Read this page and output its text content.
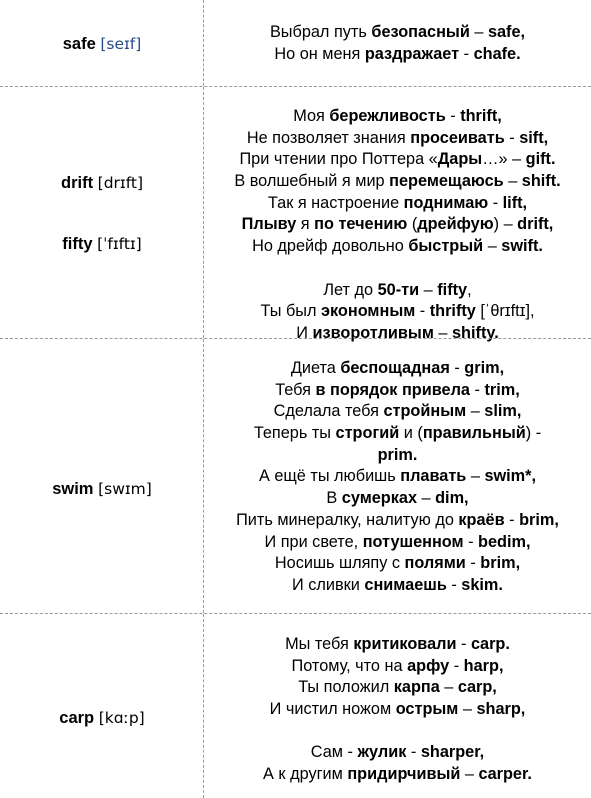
safe [seɪf]
Выбрал путь безопасный – safe,
Но он меня раздражает - chafe.
drift [drɪft]
fifty [ˈfɪftɪ]
Моя бережливость - thrift,
Не позволяет знания просеивать - sift,
При чтении про Поттера «Дары…» – gift.
В волшебный я мир перемещаюсь – shift.
Так я настроение поднимаю - lift,
Плыву я по течению (дрейфую) – drift,
Но дрейф довольно быстрый – swift.
Лет до 50-ти – fifty,
Ты был экономным - thrifty [ˈθrɪftɪ],
И изворотливым – shifty.
swim [swɪm]
Диета беспощадная - grim,
Тебя в порядок привела - trim,
Сделала тебя стройным – slim,
Теперь ты строгий и (правильный) -
prim.
А ещё ты любишь плавать – swim*,
В сумерках – dim,
Пить минералку, налитую до краёв - brim,
И при свете, потушенном - bedim,
Носишь шляпу с полями - brim,
И сливки снимаешь - skim.
carp [kɑːp]
Мы тебя критиковали - carp.
Потому, что на арфу - harp,
Ты положил карпа – carp,
И чистил ножом острым – sharp,
Сам - жулик - sharper,
А к другим придирчивый – carper.
